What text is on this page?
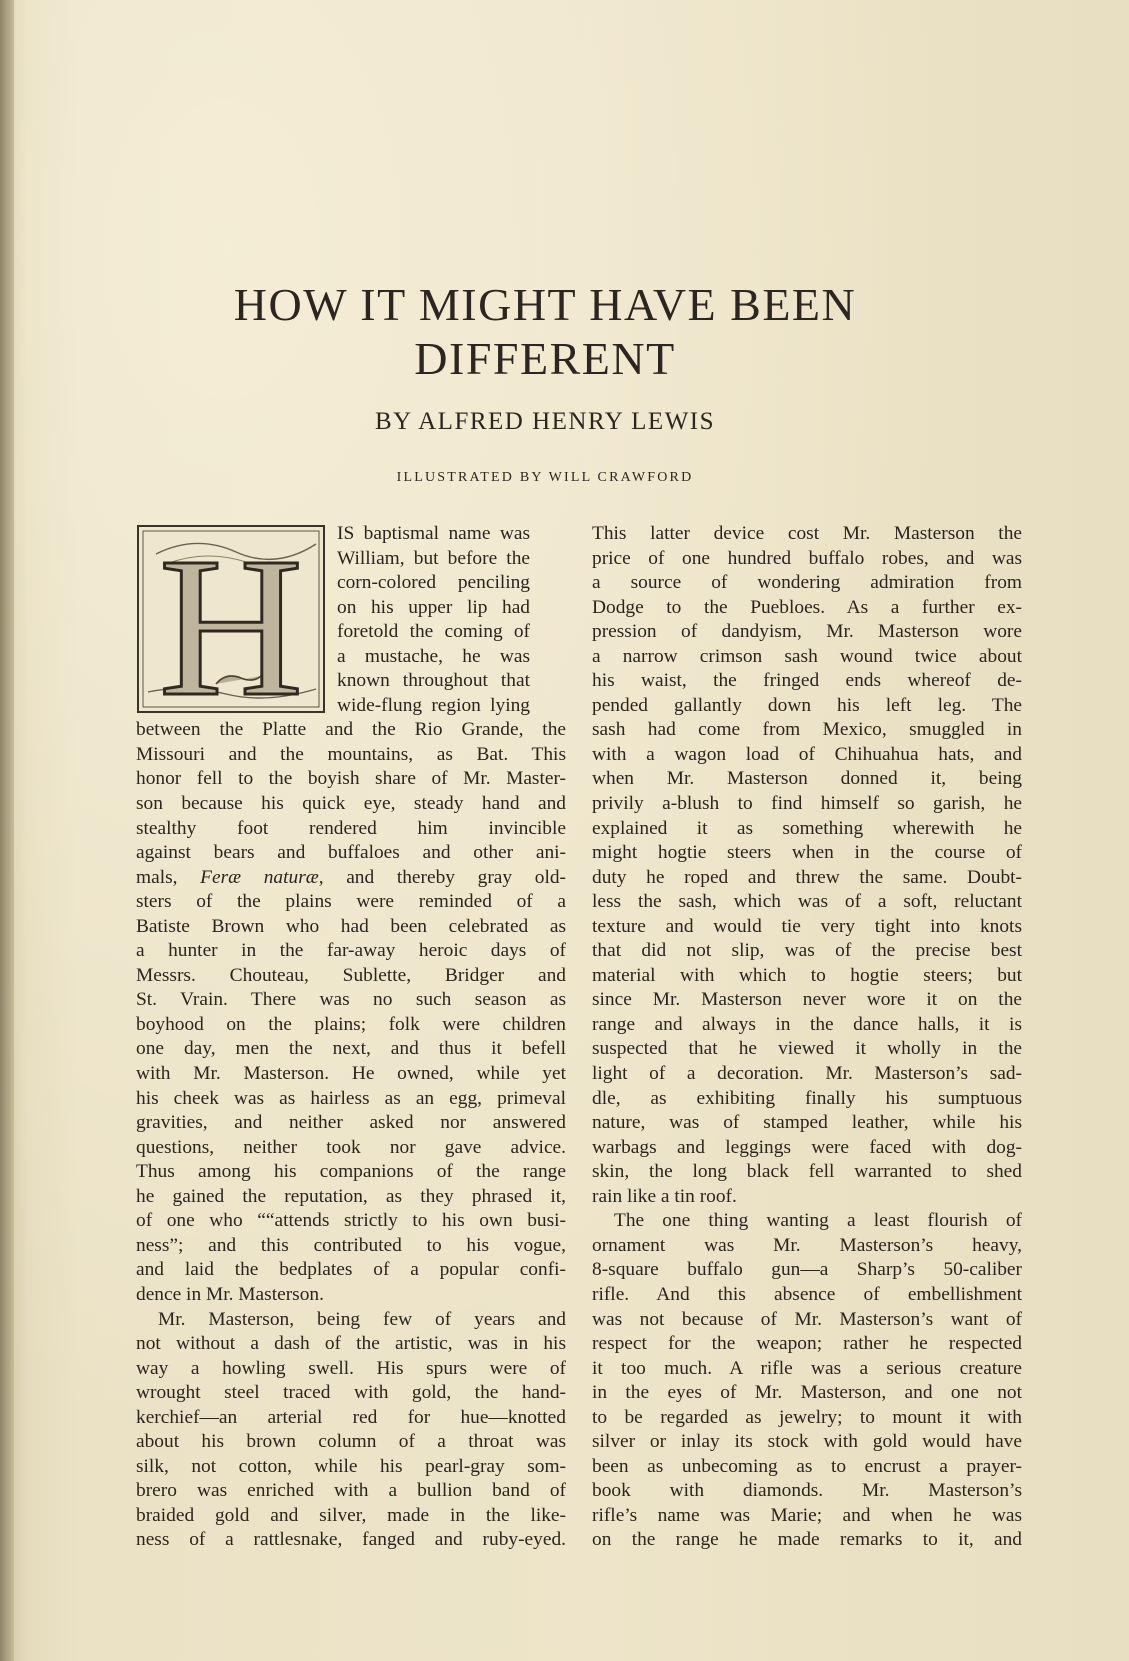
HOW IT MIGHT HAVE BEEN
DIFFERENT
BY ALFRED HENRY LEWIS
ILLUSTRATED BY WILL CRAWFORD
H IS baptismal name was
William, but before the
corn-colored penciling
on his upper lip had
foretold the coming of
a mustache, he was
known throughout that
wide-flung region lying
between the Platte and the Rio Grande, the
Missouri and the mountains, as Bat. This
honor fell to the boyish share of Mr. Master-
son because his quick eye, steady hand and
stealthy foot rendered him invincible
against bears and buffaloes and other ani-
mals, Feræ naturæ, and thereby gray old-
sters of the plains were reminded of a
Batiste Brown who had been celebrated as
a hunter in the far-away heroic days of
Messrs. Chouteau, Sublette, Bridger and
St. Vrain. There was no such season as
boyhood on the plains; folk were children
one day, men the next, and thus it befell
with Mr. Masterson. He owned, while yet
his cheek was as hairless as an egg, primeval
gravities, and neither asked nor answered
questions, neither took nor gave advice.
Thus among his companions of the range
he gained the reputation, as they phrased it,
of one who ““attends strictly to his own busi-
ness”; and this contributed to his vogue,
and laid the bedplates of a popular confi-
dence in Mr. Masterson.
Mr. Masterson, being few of years and
not without a dash of the artistic, was in his
way a howling swell. His spurs were of
wrought steel traced with gold, the hand-
kerchief—an arterial red for hue—knotted
about his brown column of a throat was
silk, not cotton, while his pearl-gray som-
brero was enriched with a bullion band of
braided gold and silver, made in the like-
ness of a rattlesnake, fanged and ruby-eyed.
This latter device cost Mr. Masterson the
price of one hundred buffalo robes, and was
a source of wondering admiration from
Dodge to the Puebloes. As a further ex-
pression of dandyism, Mr. Masterson wore
a narrow crimson sash wound twice about
his waist, the fringed ends whereof de-
pended gallantly down his left leg. The
sash had come from Mexico, smuggled in
with a wagon load of Chihuahua hats, and
when Mr. Masterson donned it, being
privily a-blush to find himself so garish, he
explained it as something wherewith he
might hogtie steers when in the course of
duty he roped and threw the same. Doubt-
less the sash, which was of a soft, reluctant
texture and would tie very tight into knots
that did not slip, was of the precise best
material with which to hogtie steers; but
since Mr. Masterson never wore it on the
range and always in the dance halls, it is
suspected that he viewed it wholly in the
light of a decoration. Mr. Masterson’s sad-
dle, as exhibiting finally his sumptuous
nature, was of stamped leather, while his
warbags and leggings were faced with dog-
skin, the long black fell warranted to shed
rain like a tin roof.
The one thing wanting a least flourish of
ornament was Mr. Masterson’s heavy,
8-square buffalo gun—a Sharp’s 50-caliber
rifle. And this absence of embellishment
was not because of Mr. Masterson’s want of
respect for the weapon; rather he respected
it too much. A rifle was a serious creature
in the eyes of Mr. Masterson, and one not
to be regarded as jewelry; to mount it with
silver or inlay its stock with gold would have
been as unbecoming as to encrust a prayer-
book with diamonds. Mr. Masterson’s
rifle’s name was Marie; and when he was
on the range he made remarks to it, and
